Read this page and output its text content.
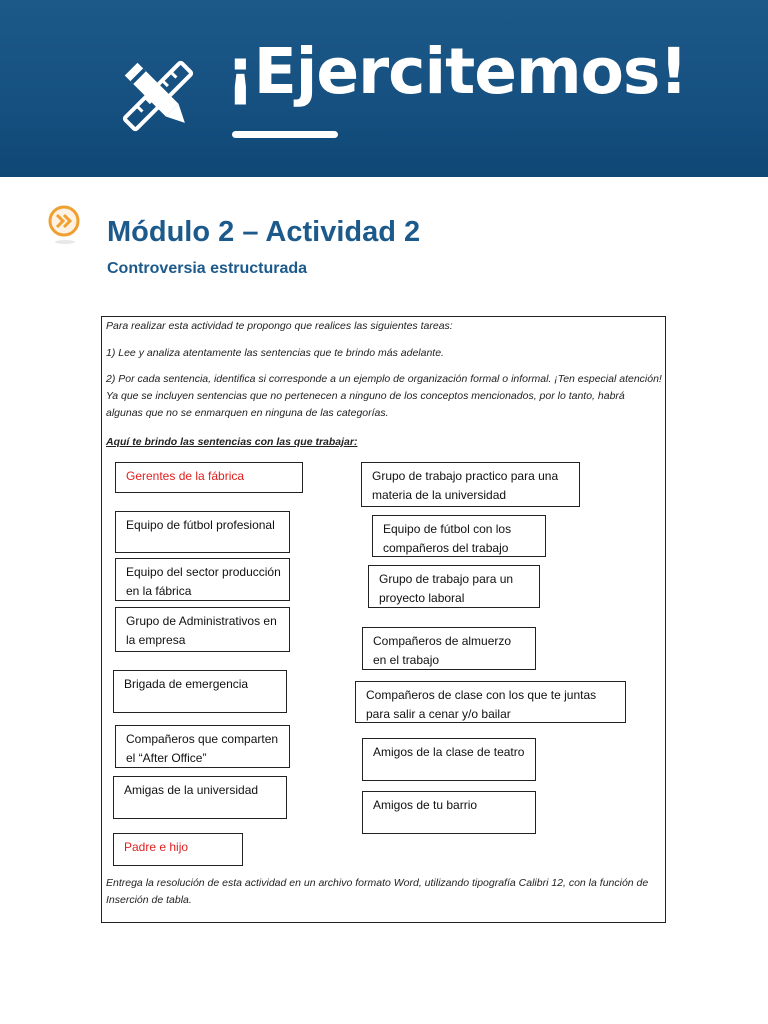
¡Ejercitemos!
Módulo 2 – Actividad 2
Controversia estructurada
Para realizar esta actividad te propongo que realices las siguientes tareas:
1) Lee y analiza atentamente las sentencias que te brindo más adelante.
2) Por cada sentencia, identifica si corresponde a un ejemplo de organización formal o informal. ¡Ten especial atención! Ya que se incluyen sentencias que no pertenecen a ninguno de los conceptos mencionados, por lo tanto, habrá algunas que no se enmarquen en ninguna de las categorías.
Aquí te brindo las sentencias con las que trabajar:
Gerentes de la fábrica
Equipo de fútbol profesional
Equipo del sector producción en la fábrica
Grupo de Administrativos en la empresa
Brigada de emergencia
Compañeros que comparten el “After Office”
Amigas de la universidad
Padre e hijo
Grupo de trabajo practico para una materia de la universidad
Equipo de fútbol con los compañeros del trabajo
Grupo de trabajo para un proyecto laboral
Compañeros de almuerzo en el trabajo
Compañeros de clase con los que te juntas para salir a cenar y/o bailar
Amigos de la clase de teatro
Amigos de tu barrio
Entrega la resolución de esta actividad en un archivo formato Word, utilizando tipografía Calibri 12, con la función de Inserción de tabla.
